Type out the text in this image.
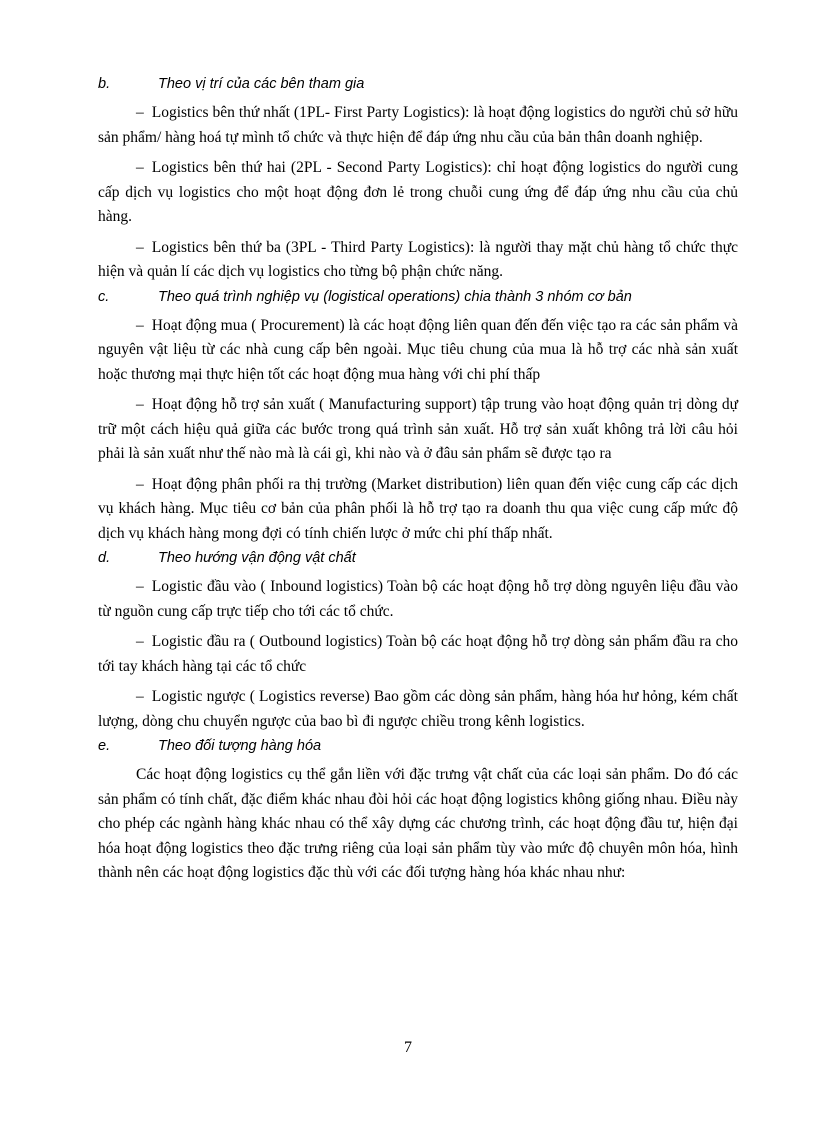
b.	Theo vị trí của các bên tham gia

– Logistics bên thứ nhất (1PL- First Party Logistics): là hoạt động logistics do người chủ sở hữu sản phẩm/ hàng hoá tự mình tổ chức và thực hiện để đáp ứng nhu cầu của bản thân doanh nghiệp.

– Logistics bên thứ hai (2PL - Second Party Logistics): chỉ hoạt động logistics do người cung cấp dịch vụ logistics cho một hoạt động đơn lẻ trong chuỗi cung ứng để đáp ứng nhu cầu của chủ hàng.

– Logistics bên thứ ba (3PL - Third Party Logistics): là người thay mặt chủ hàng tổ chức thực hiện và quản lí các dịch vụ logistics cho từng bộ phận chức năng.

c.	Theo quá trình nghiệp vụ (logistical operations) chia thành 3 nhóm cơ bản

– Hoạt động mua ( Procurement) là các hoạt động liên quan đến đến việc tạo ra các sản phẩm và nguyên vật liệu từ các nhà cung cấp bên ngoài. Mục tiêu chung của mua là hỗ trợ các nhà sản xuất hoặc thương mại thực hiện tốt các hoạt động mua hàng với chi phí thấp

– Hoạt động hỗ trợ sản xuất ( Manufacturing support) tập trung vào hoạt động quản trị dòng dự trữ một cách hiệu quả giữa các bước trong quá trình sản xuất. Hỗ trợ sản xuất không trả lời câu hỏi phải là sản xuất như thế nào mà là cái gì, khi nào và ở đâu sản phẩm sẽ được tạo ra

– Hoạt động phân phối ra thị trường (Market distribution) liên quan đến việc cung cấp các dịch vụ khách hàng. Mục tiêu cơ bản của phân phối là hỗ trợ tạo ra doanh thu qua việc cung cấp mức độ dịch vụ khách hàng mong đợi có tính chiến lược ở mức chi phí thấp nhất.

d.	Theo hướng vận động vật chất

– Logistic đầu vào ( Inbound logistics) Toàn bộ các hoạt động hỗ trợ dòng nguyên liệu đầu vào từ nguồn cung cấp trực tiếp cho tới các tổ chức.

– Logistic đầu ra ( Outbound logistics) Toàn bộ các hoạt động hỗ trợ dòng sản phẩm đầu ra cho tới tay khách hàng tại các tổ chức

– Logistic ngược ( Logistics reverse) Bao gồm các dòng sản phẩm, hàng hóa hư hỏng, kém chất lượng, dòng chu chuyển ngược của bao bì đi ngược chiều trong kênh logistics.

e.	Theo đối tượng hàng hóa

Các hoạt động logistics cụ thể gắn liền với đặc trưng vật chất của các loại sản phẩm. Do đó các sản phẩm có tính chất, đặc điểm khác nhau đòi hỏi các hoạt động logistics không giống nhau. Điều này cho phép các ngành hàng khác nhau có thể xây dựng các chương trình, các hoạt động đầu tư, hiện đại hóa hoạt động logistics theo đặc trưng riêng của loại sản phẩm tùy vào mức độ chuyên môn hóa, hình thành nên các hoạt động logistics đặc thù với các đối tượng hàng hóa khác nhau như:

7
